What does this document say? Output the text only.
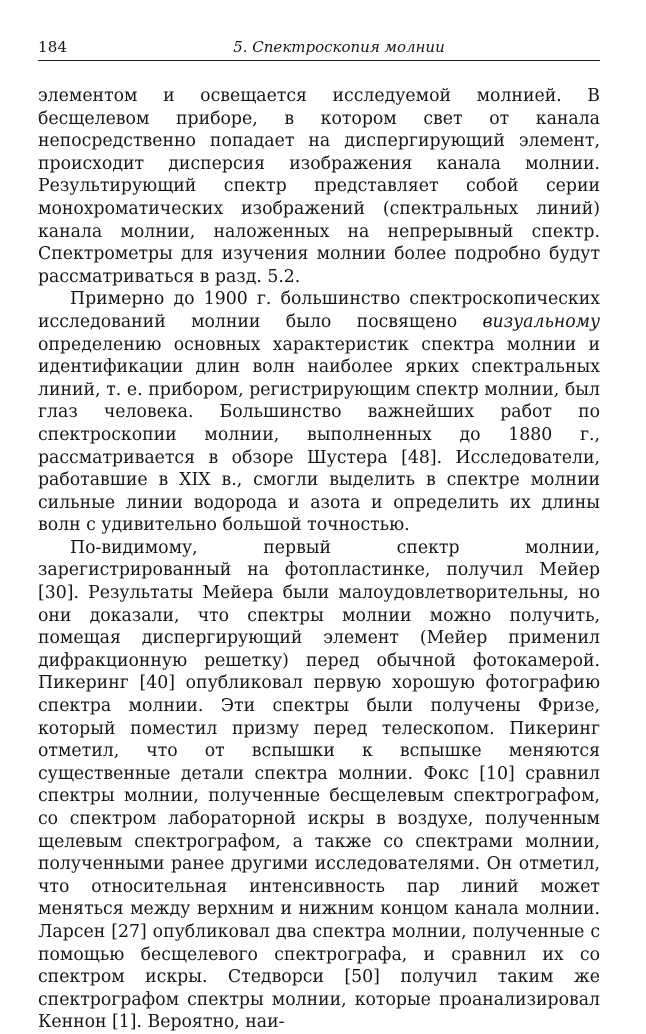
184	5. Спектроскопия молнии

элементом и освещается исследуемой молнией. В бесщелевом приборе, в котором свет от канала непосредственно попадает на диспергирующий элемент, происходит дисперсия изображения канала молнии. Результирующий спектр представляет собой серии монохроматических изображений (спектральных линий) канала молнии, наложенных на непрерывный спектр. Спектрометры для изучения молнии более подробно будут рассматриваться в разд. 5.2.

Примерно до 1900 г. большинство спектроскопических исследований молнии было посвящено визуальному определению основных характеристик спектра молнии и идентификации длин волн наиболее ярких спектральных линий, т. е. прибором, регистрирующим спектр молнии, был глаз человека. Большинство важнейших работ по спектроскопии молнии, выполненных до 1880 г., рассматривается в обзоре Шустера [48]. Исследователи, работавшие в XIX в., смогли выделить в спектре молнии сильные линии водорода и азота и определить их длины волн с удивительно большой точностью.

По-видимому, первый спектр молнии, зарегистрированный на фотопластинке, получил Мейер [30]. Результаты Мейера были малоудовлетворительны, но они доказали, что спектры молнии можно получить, помещая диспергирующий элемент (Мейер применил дифракционную решетку) перед обычной фотокамерой. Пикеринг [40] опубликовал первую хорошую фотографию спектра молнии. Эти спектры были получены Фризе, который поместил призму перед телескопом. Пикеринг отметил, что от вспышки к вспышке меняются существенные детали спектра молнии. Фокс [10] сравнил спектры молнии, полученные бесщелевым спектрографом, со спектром лабораторной искры в воздухе, полученным щелевым спектрографом, а также со спектрами молнии, полученными ранее другими исследователями. Он отметил, что относительная интенсивность пар линий может меняться между верхним и нижним концом канала молнии. Ларсен [27] опубликовал два спектра молнии, полученные с помощью бесщелевого спектрографа, и сравнил их со спектром искры. Стедворси [50] получил таким же спектрографом спектры молнии, которые проанализировал Кеннон [1]. Вероятно, наи-
